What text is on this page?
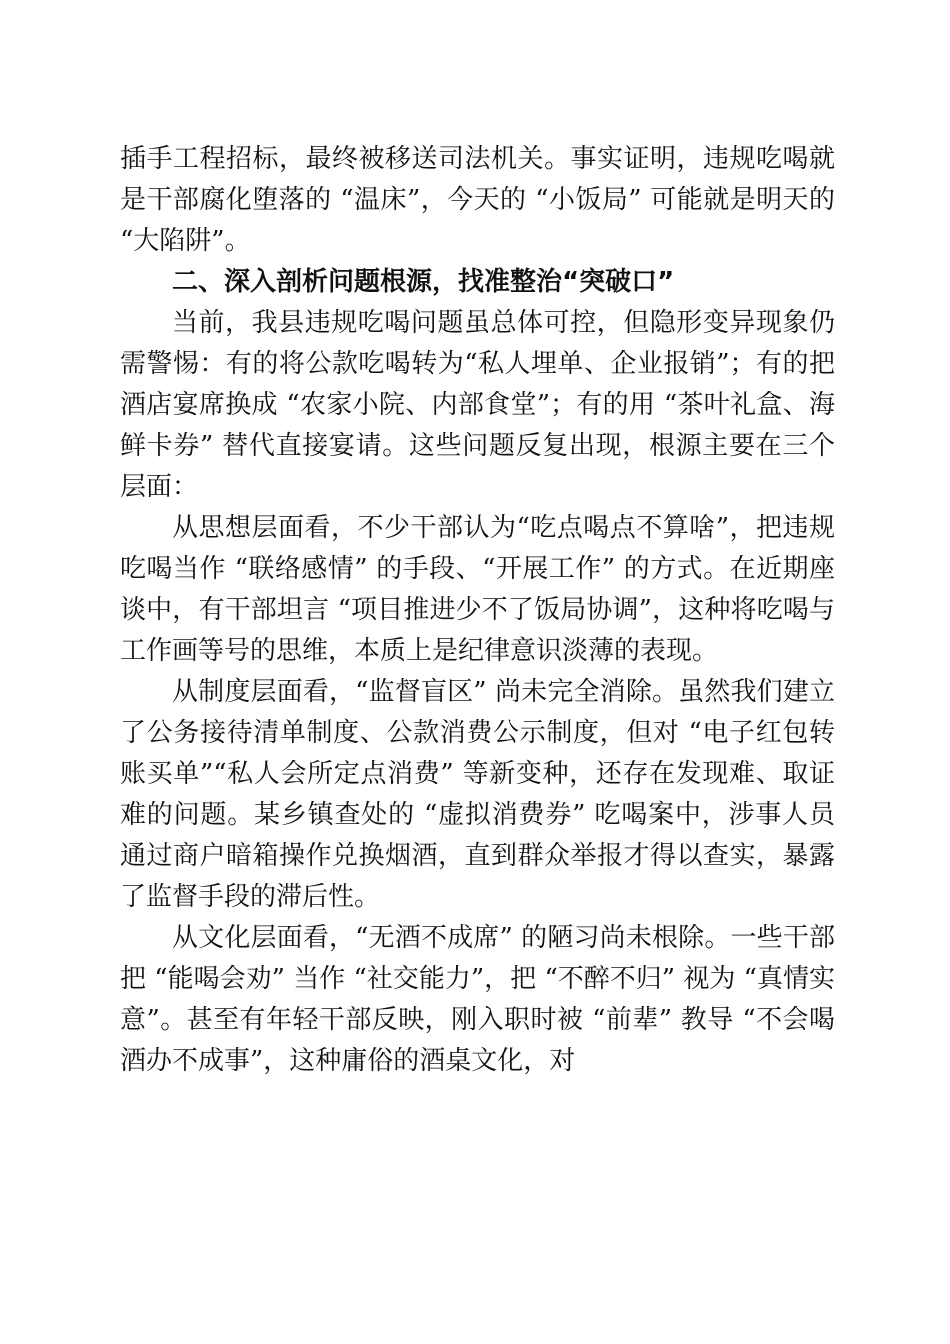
插手工程招标，最终被移送司法机关。事实证明，违规吃喝就是干部腐化堕落的 “温床”，今天的 “小饭局” 可能就是明天的 “大陷阱”。

二、深入剖析问题根源，找准整治“突破口”

当前，我县违规吃喝问题虽总体可控，但隐形变异现象仍需警惕：有的将公款吃喝转为“私人埋单、企业报销”；有的把酒店宴席换成 “农家小院、内部食堂”；有的用 “茶叶礼盒、海鲜卡券” 替代直接宴请。这些问题反复出现，根源主要在三个层面：

从思想层面看，不少干部认为“吃点喝点不算啥”，把违规吃喝当作 “联络感情” 的手段、“开展工作” 的方式。在近期座谈中，有干部坦言 “项目推进少不了饭局协调”，这种将吃喝与工作画等号的思维，本质上是纪律意识淡薄的表现。

从制度层面看，“监督盲区” 尚未完全消除。虽然我们建立了公务接待清单制度、公款消费公示制度，但对 “电子红包转账买单”“私人会所定点消费” 等新变种，还存在发现难、取证难的问题。某乡镇查处的 “虚拟消费券” 吃喝案中，涉事人员通过商户暗箱操作兑换烟酒，直到群众举报才得以查实，暴露了监督手段的滞后性。

从文化层面看，“无酒不成席” 的陋习尚未根除。一些干部把 “能喝会劝” 当作 “社交能力”，把 “不醉不归” 视为 “真情实意”。甚至有年轻干部反映，刚入职时被 “前辈” 教导 “不会喝酒办不成事”，这种庸俗的酒桌文化，对
